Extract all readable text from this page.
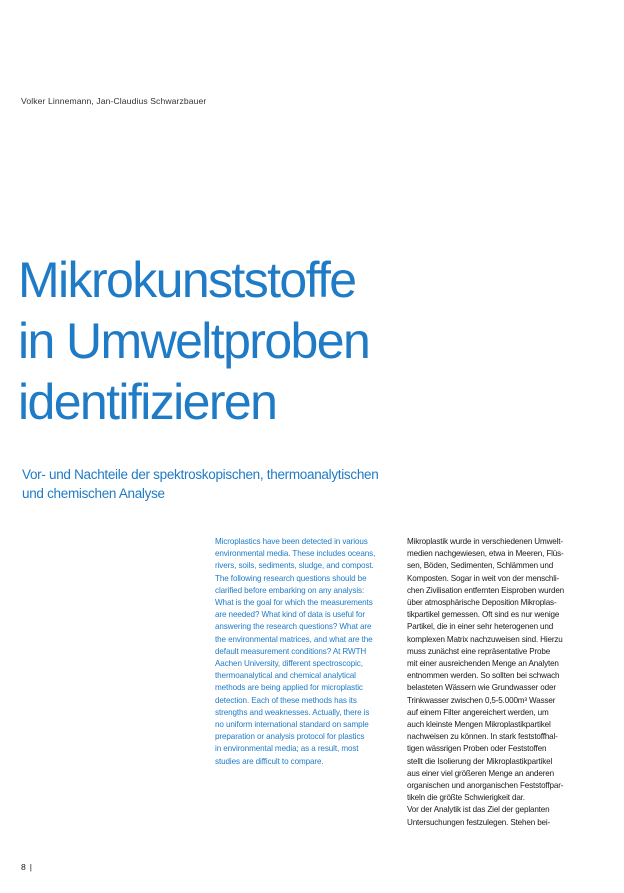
Volker Linnemann, Jan-Claudius Schwarzbauer
Mikrokunststoffe
in Umweltproben
identifizieren
Vor- und Nachteile der spektroskopischen, thermoanalytischen
und chemischen Analyse
Microplastics have been detected in various
environmental media. These includes oceans,
rivers, soils, sediments, sludge, and compost.
The following research questions should be
clarified before embarking on any analysis:
What is the goal for which the measurements
are needed? What kind of data is useful for
answering the research questions? What are
the environmental matrices, and what are the
default measurement conditions? At RWTH
Aachen University, different spectroscopic,
thermoanalytical and chemical analytical
methods are being applied for microplastic
detection. Each of these methods has its
strengths and weaknesses. Actually, there is
no uniform international standard on sample
preparation or analysis protocol for plastics
in environmental media; as a result, most
studies are difficult to compare.
Mikroplastik wurde in verschiedenen Umwelt-
medien nachgewiesen, etwa in Meeren, Flüs-
sen, Böden, Sedimenten, Schlämmen und
Komposten. Sogar in weit von der menschli-
chen Zivilisation entfernten Eisproben wurden
über atmosphärische Deposition Mikroplas-
tikpartikel gemessen. Oft sind es nur wenige
Partikel, die in einer sehr heterogenen und
komplexen Matrix nachzuweisen sind. Hierzu
muss zunächst eine repräsentative Probe
mit einer ausreichenden Menge an Analyten
entnommen werden. So sollten bei schwach
belasteten Wässern wie Grundwasser oder
Trinkwasser zwischen 0,5-5.000m³ Wasser
auf einem Filter angereichert werden, um
auch kleinste Mengen Mikroplastikpartikel
nachweisen zu können. In stark feststoffhal-
tigen wässrigen Proben oder Feststoffen
stellt die Isolierung der Mikroplastikpartikel
aus einer viel größeren Menge an anderen
organischen und anorganischen Feststoffpar-
tikeln die größte Schwierigkeit dar.
Vor der Analytik ist das Ziel der geplanten
Untersuchungen festzulegen. Stehen bei-
8 |
